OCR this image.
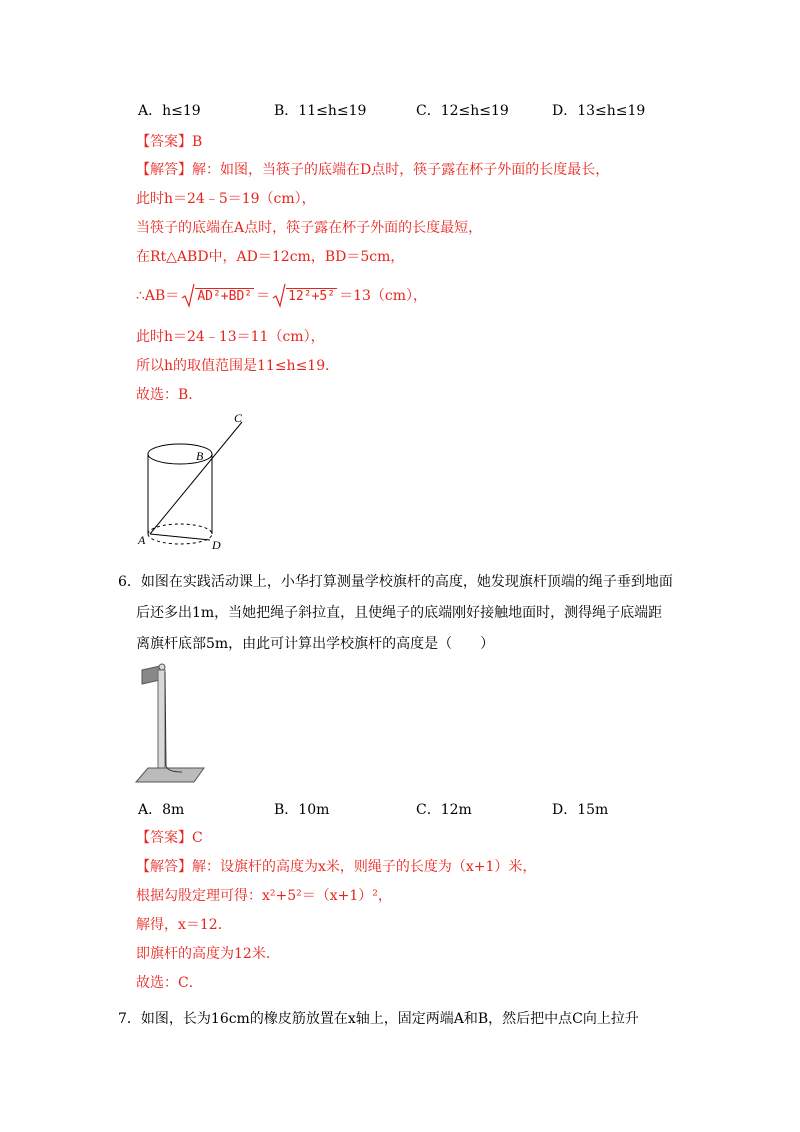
A．h≤19	B．11≤h≤19	C．12≤h≤19	D．13≤h≤19
【答案】B
【解答】解：如图，当筷子的底端在D点时，筷子露在杯子外面的长度最长，
此时h＝24﹣5＝19（cm），
当筷子的底端在A点时，筷子露在杯子外面的长度最短，
在Rt△ABD中，AD＝12cm，BD＝5cm，
∴AB＝ AD²+BD² ＝ 12²+5² ＝13（cm），
此时h＝24﹣13＝11（cm），
所以h的取值范围是11≤h≤19．
故选：B．
C
B
A	D
6．如图在实践活动课上，小华打算测量学校旗杆的高度，她发现旗杆顶端的绳子垂到地面
后还多出1m，当她把绳子斜拉直，且使绳子的底端刚好接触地面时，测得绳子底端距
离旗杆底部5m，由此可计算出学校旗杆的高度是（　　）
A．8m	B．10m	C．12m	D．15m
【答案】C
【解答】解：设旗杆的高度为x米，则绳子的长度为（x+1）米，
根据勾股定理可得：x²+5²＝（x+1）²，
解得，x＝12．
即旗杆的高度为12米．
故选：C．
7．如图，长为16cm的橡皮筋放置在x轴上，固定两端A和B，然后把中点C向上拉升
